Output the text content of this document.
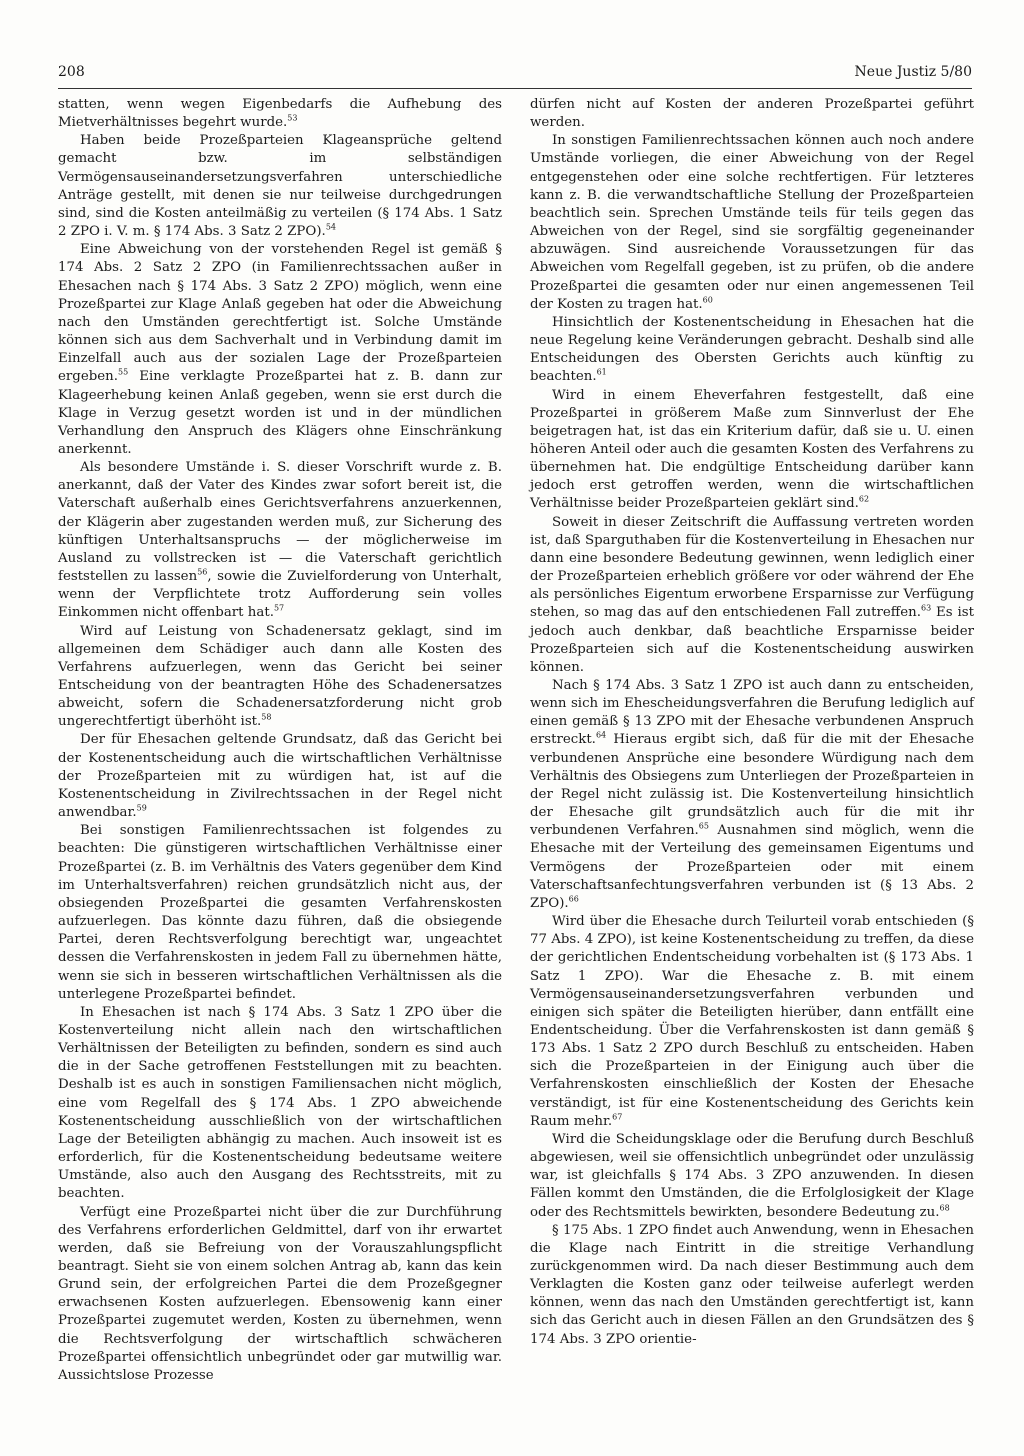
208	Neue Justiz 5/80

statten, wenn wegen Eigenbedarfs die Aufhebung des Mietverhältnisses begehrt wurde.$^{53}$

Haben beide Prozeßparteien Klageansprüche geltend gemacht bzw. im selbständigen Vermögensauseinandersetzungsverfahren unterschiedliche Anträge gestellt, mit denen sie nur teilweise durchgedrungen sind, sind die Kosten anteilmäßig zu verteilen (§ 174 Abs. 1 Satz 2 ZPO i. V. m. § 174 Abs. 3 Satz 2 ZPO).$^{54}$

Eine Abweichung von der vorstehenden Regel ist gemäß § 174 Abs. 2 Satz 2 ZPO (in Familienrechtssachen außer in Ehesachen nach § 174 Abs. 3 Satz 2 ZPO) möglich, wenn eine Prozeßpartei zur Klage Anlaß gegeben hat oder die Abweichung nach den Umständen gerechtfertigt ist. Solche Umstände können sich aus dem Sachverhalt und in Verbindung damit im Einzelfall auch aus der sozialen Lage der Prozeßparteien ergeben.$^{55}$ Eine verklagte Prozeßpartei hat z. B. dann zur Klageerhebung keinen Anlaß gegeben, wenn sie erst durch die Klage in Verzug gesetzt worden ist und in der mündlichen Verhandlung den Anspruch des Klägers ohne Einschränkung anerkennt.

Als besondere Umstände i. S. dieser Vorschrift wurde z. B. anerkannt, daß der Vater des Kindes zwar sofort bereit ist, die Vaterschaft außerhalb eines Gerichtsverfahrens anzuerkennen, der Klägerin aber zugestanden werden muß, zur Sicherung des künftigen Unterhaltsanspruchs — der möglicherweise im Ausland zu vollstrecken ist — die Vaterschaft gerichtlich feststellen zu lassen$^{56}$, sowie die Zuvielforderung von Unterhalt, wenn der Verpflichtete trotz Aufforderung sein volles Einkommen nicht offenbart hat.$^{57}$

Wird auf Leistung von Schadenersatz geklagt, sind im allgemeinen dem Schädiger auch dann alle Kosten des Verfahrens aufzuerlegen, wenn das Gericht bei seiner Entscheidung von der beantragten Höhe des Schadenersatzes abweicht, sofern die Schadenersatzforderung nicht grob ungerechtfertigt überhöht ist.$^{58}$

Der für Ehesachen geltende Grundsatz, daß das Gericht bei der Kostenentscheidung auch die wirtschaftlichen Verhältnisse der Prozeßparteien mit zu würdigen hat, ist auf die Kostenentscheidung in Zivilrechtssachen in der Regel nicht anwendbar.$^{59}$

Bei sonstigen Familienrechtssachen ist folgendes zu beachten: Die günstigeren wirtschaftlichen Verhältnisse einer Prozeßpartei (z. B. im Verhältnis des Vaters gegenüber dem Kind im Unterhaltsverfahren) reichen grundsätzlich nicht aus, der obsiegenden Prozeßpartei die gesamten Verfahrenskosten aufzuerlegen. Das könnte dazu führen, daß die obsiegende Partei, deren Rechtsverfolgung berechtigt war, ungeachtet dessen die Verfahrenskosten in jedem Fall zu übernehmen hätte, wenn sie sich in besseren wirtschaftlichen Verhältnissen als die unterlegene Prozeßpartei befindet.

In Ehesachen ist nach § 174 Abs. 3 Satz 1 ZPO über die Kostenverteilung nicht allein nach den wirtschaftlichen Verhältnissen der Beteiligten zu befinden, sondern es sind auch die in der Sache getroffenen Feststellungen mit zu beachten. Deshalb ist es auch in sonstigen Familiensachen nicht möglich, eine vom Regelfall des § 174 Abs. 1 ZPO abweichende Kostenentscheidung ausschließlich von der wirtschaftlichen Lage der Beteiligten abhängig zu machen. Auch insoweit ist es erforderlich, für die Kostenentscheidung bedeutsame weitere Umstände, also auch den Ausgang des Rechtsstreits, mit zu beachten.

Verfügt eine Prozeßpartei nicht über die zur Durchführung des Verfahrens erforderlichen Geldmittel, darf von ihr erwartet werden, daß sie Befreiung von der Vorauszahlungspflicht beantragt. Sieht sie von einem solchen Antrag ab, kann das kein Grund sein, der erfolgreichen Partei die dem Prozeßgegner erwachsenen Kosten aufzuerlegen. Ebensowenig kann einer Prozeßpartei zugemutet werden, Kosten zu übernehmen, wenn die Rechtsverfolgung der wirtschaftlich schwächeren Prozeßpartei offensichtlich unbegründet oder gar mutwillig war. Aussichtslose Prozesse

dürfen nicht auf Kosten der anderen Prozeßpartei geführt werden.

In sonstigen Familienrechtssachen können auch noch andere Umstände vorliegen, die einer Abweichung von der Regel entgegenstehen oder eine solche rechtfertigen. Für letzteres kann z. B. die verwandtschaftliche Stellung der Prozeßparteien beachtlich sein. Sprechen Umstände teils für teils gegen das Abweichen von der Regel, sind sie sorgfältig gegeneinander abzuwägen. Sind ausreichende Voraussetzungen für das Abweichen vom Regelfall gegeben, ist zu prüfen, ob die andere Prozeßpartei die gesamten oder nur einen angemessenen Teil der Kosten zu tragen hat.$^{60}$

Hinsichtlich der Kostenentscheidung in Ehesachen hat die neue Regelung keine Veränderungen gebracht. Deshalb sind alle Entscheidungen des Obersten Gerichts auch künftig zu beachten.$^{61}$

Wird in einem Eheverfahren festgestellt, daß eine Prozeßpartei in größerem Maße zum Sinnverlust der Ehe beigetragen hat, ist das ein Kriterium dafür, daß sie u. U. einen höheren Anteil oder auch die gesamten Kosten des Verfahrens zu übernehmen hat. Die endgültige Entscheidung darüber kann jedoch erst getroffen werden, wenn die wirtschaftlichen Verhältnisse beider Prozeßparteien geklärt sind.$^{62}$

Soweit in dieser Zeitschrift die Auffassung vertreten worden ist, daß Sparguthaben für die Kostenverteilung in Ehesachen nur dann eine besondere Bedeutung gewinnen, wenn lediglich einer der Prozeßparteien erheblich größere vor oder während der Ehe als persönliches Eigentum erworbene Ersparnisse zur Verfügung stehen, so mag das auf den entschiedenen Fall zutreffen.$^{63}$ Es ist jedoch auch denkbar, daß beachtliche Ersparnisse beider Prozeßparteien sich auf die Kostenentscheidung auswirken können.

Nach § 174 Abs. 3 Satz 1 ZPO ist auch dann zu entscheiden, wenn sich im Ehescheidungsverfahren die Berufung lediglich auf einen gemäß § 13 ZPO mit der Ehesache verbundenen Anspruch erstreckt.$^{64}$ Hieraus ergibt sich, daß für die mit der Ehesache verbundenen Ansprüche eine besondere Würdigung nach dem Verhältnis des Obsiegens zum Unterliegen der Prozeßparteien in der Regel nicht zulässig ist. Die Kostenverteilung hinsichtlich der Ehesache gilt grundsätzlich auch für die mit ihr verbundenen Verfahren.$^{65}$ Ausnahmen sind möglich, wenn die Ehesache mit der Verteilung des gemeinsamen Eigentums und Vermögens der Prozeßparteien oder mit einem Vaterschaftsanfechtungsverfahren verbunden ist (§ 13 Abs. 2 ZPO).$^{66}$

Wird über die Ehesache durch Teilurteil vorab entschieden (§ 77 Abs. 4 ZPO), ist keine Kostenentscheidung zu treffen, da diese der gerichtlichen Endentscheidung vorbehalten ist (§ 173 Abs. 1 Satz 1 ZPO). War die Ehesache z. B. mit einem Vermögensauseinandersetzungsverfahren verbunden und einigen sich später die Beteiligten hierüber, dann entfällt eine Endentscheidung. Über die Verfahrenskosten ist dann gemäß § 173 Abs. 1 Satz 2 ZPO durch Beschluß zu entscheiden. Haben sich die Prozeßparteien in der Einigung auch über die Verfahrenskosten einschließlich der Kosten der Ehesache verständigt, ist für eine Kostenentscheidung des Gerichts kein Raum mehr.$^{67}$

Wird die Scheidungsklage oder die Berufung durch Beschluß abgewiesen, weil sie offensichtlich unbegründet oder unzulässig war, ist gleichfalls § 174 Abs. 3 ZPO anzuwenden. In diesen Fällen kommt den Umständen, die die Erfolglosigkeit der Klage oder des Rechtsmittels bewirkten, besondere Bedeutung zu.$^{68}$

§ 175 Abs. 1 ZPO findet auch Anwendung, wenn in Ehesachen die Klage nach Eintritt in die streitige Verhandlung zurückgenommen wird. Da nach dieser Bestimmung auch dem Verklagten die Kosten ganz oder teilweise auferlegt werden können, wenn das nach den Umständen gerechtfertigt ist, kann sich das Gericht auch in diesen Fällen an den Grundsätzen des § 174 Abs. 3 ZPO orientie-
